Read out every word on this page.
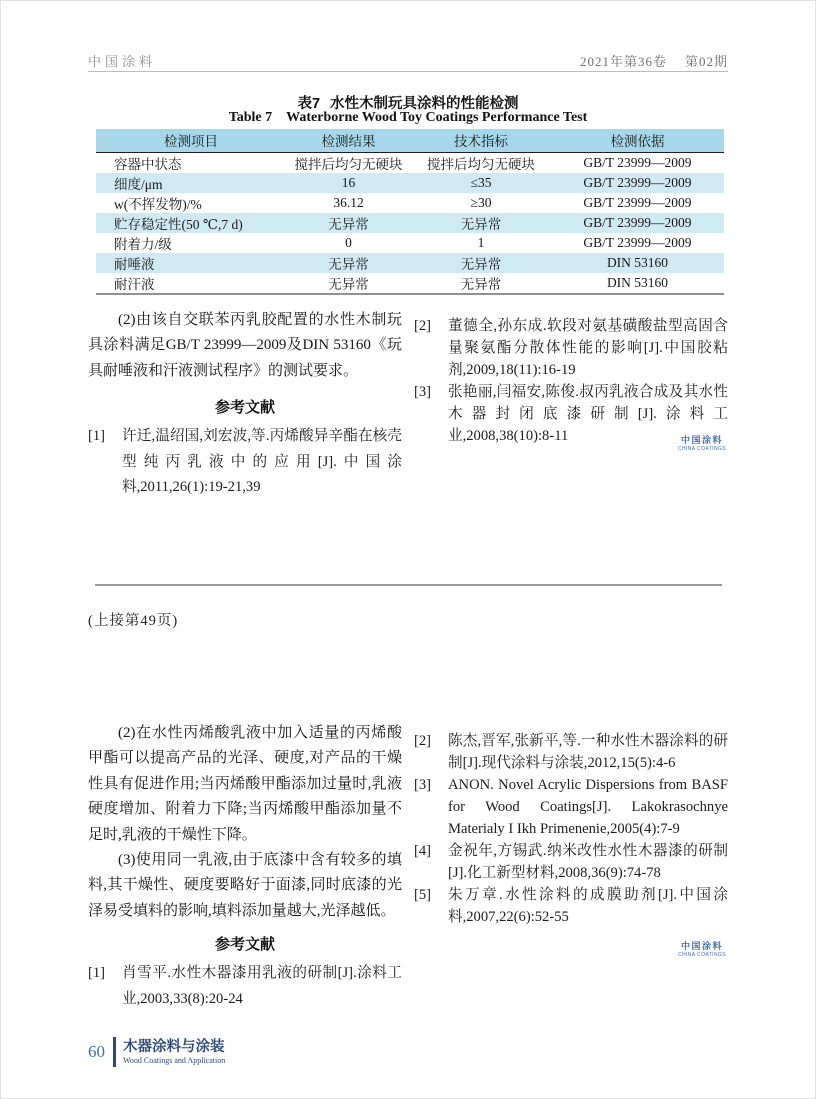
中国涂料	2021年第36卷 第02期
表7 水性木制玩具涂料的性能检测
Table 7 Waterborne Wood Toy Coatings Performance Test
检测项目	检测结果	技术指标	检测依据
容器中状态	搅拌后均匀无硬块	搅拌后均匀无硬块	GB/T 23999—2009
细度/μm	16	≤35	GB/T 23999—2009
w(不挥发物)/%	36.12	≥30	GB/T 23999—2009
贮存稳定性(50 ℃,7 d)	无异常	无异常	GB/T 23999—2009
附着力/级	0	1	GB/T 23999—2009
耐唾液	无异常	无异常	DIN 53160
耐汗液	无异常	无异常	DIN 53160

(2)由该自交联苯丙乳胶配置的水性木制玩具涂料满足GB/T 23999—2009及DIN 53160《玩具耐唾液和汗液测试程序》的测试要求。

参考文献
[1]	许迁,温绍国,刘宏波,等.丙烯酸异辛酯在核壳型纯丙乳液中的应用[J].中国涂料,2011,26(1):19-21,39
[2]	董德全,孙东成.软段对氨基磺酸盐型高固含量聚氨酯分散体性能的影响[J].中国胶粘剂,2009,18(11):16-19
[3]	张艳丽,闫福安,陈俊.叔丙乳液合成及其水性木器封闭底漆研制[J].涂料工业,2008,38(10):8-11	中国涂料
CHINA COATINGS
(上接第49页)

(2)在水性丙烯酸乳液中加入适量的丙烯酸甲酯可以提高产品的光泽、硬度,对产品的干燥性具有促进作用;当丙烯酸甲酯添加过量时,乳液硬度增加、附着力下降;当丙烯酸甲酯添加量不足时,乳液的干燥性下降。

(3)使用同一乳液,由于底漆中含有较多的填料,其干燥性、硬度要略好于面漆,同时底漆的光泽易受填料的影响,填料添加量越大,光泽越低。

参考文献
[1]	肖雪平.水性木器漆用乳液的研制[J].涂料工业,2003,33(8):20-24
[2]	陈杰,晋军,张新平,等.一种水性木器涂料的研制[J].现代涂料与涂装,2012,15(5):4-6
[3]	ANON. Novel Acrylic Dispersions from BASF for Wood Coatings[J]. Lakokrasochnye Materialy I Ikh Primenenie,2005(4):7-9
[4]	金祝年,方锡武.纳米改性水性木器漆的研制[J].化工新型材料,2008,36(9):74-78
[5]	朱万章.水性涂料的成膜助剂[J].中国涂料,2007,22(6):52-55
中国涂料
CHINA COATINGS
60 木器涂料与涂装
Wood Coatings and Application
